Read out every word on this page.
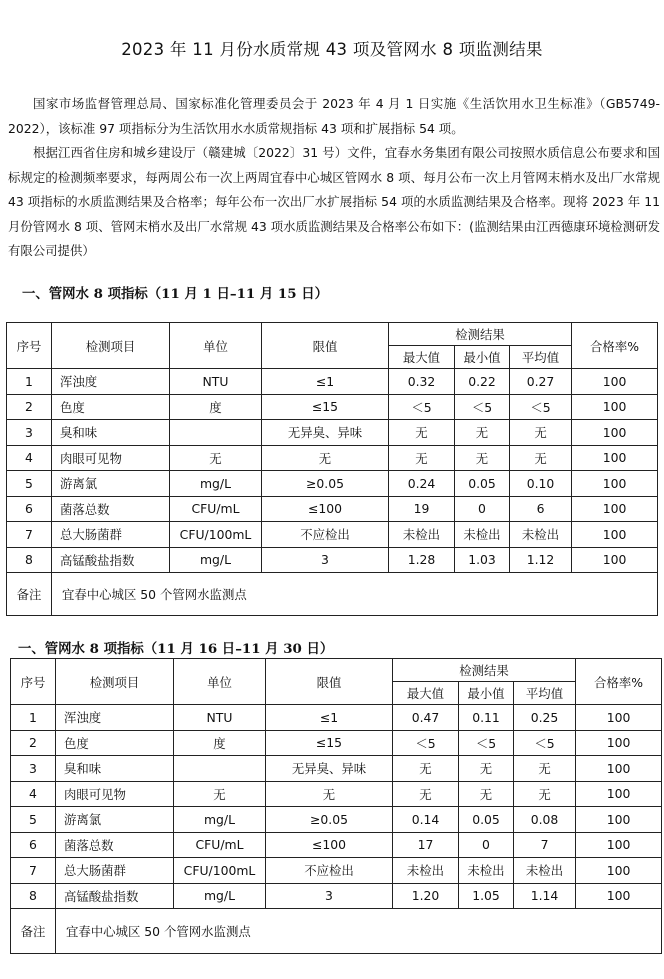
2023 年 11 月份水质常规 43 项及管网水 8 项监测结果

国家市场监督管理总局、国家标准化管理委员会于 2023 年 4 月 1 日实施《生活饮用水卫生标准》（GB5749-2022），该标准 97 项指标分为生活饮用水水质常规指标 43 项和扩展指标 54 项。

根据江西省住房和城乡建设厅（赣建城〔2022〕31 号）文件，宜春水务集团有限公司按照水质信息公布要求和国标规定的检测频率要求，每两周公布一次上两周宜春中心城区管网水 8 项、每月公布一次上月管网末梢水及出厂水常规 43 项指标的水质监测结果及合格率；每年公布一次出厂水扩展指标 54 项的水质监测结果及合格率。现将 2023 年 11 月份管网水 8 项、管网末梢水及出厂水常规 43 项水质监测结果及合格率公布如下：(监测结果由江西德康环境检测研发有限公司提供）

一、管网水 8 项指标（11 月 1 日–11 月 15 日）
序号	检测项目	单位	限值	检测结果			合格率%
				最大值	最小值	平均值	
1	浑浊度	NTU	≤1	0.32	0.22	0.27	100
2	色度	度	≤15	＜5	＜5	＜5	100
3	臭和味		无异臭、异味	无	无	无	100
4	肉眼可见物	无	无	无	无	无	100
5	游离氯	mg/L	≥0.05	0.24	0.05	0.10	100
6	菌落总数	CFU/mL	≤100	19	0	6	100
7	总大肠菌群	CFU/100mL	不应检出	未检出	未检出	未检出	100
8	高锰酸盐指数	mg/L	3	1.28	1.03	1.12	100
备注	宜春中心城区 50 个管网水监测点						
一、管网水 8 项指标（11 月 16 日–11 月 30 日）
序号	检测项目	单位	限值	检测结果			合格率%
				最大值	最小值	平均值	
1	浑浊度	NTU	≤1	0.47	0.11	0.25	100
2	色度	度	≤15	＜5	＜5	＜5	100
3	臭和味		无异臭、异味	无	无	无	100
4	肉眼可见物	无	无	无	无	无	100
5	游离氯	mg/L	≥0.05	0.14	0.05	0.08	100
6	菌落总数	CFU/mL	≤100	17	0	7	100
7	总大肠菌群	CFU/100mL	不应检出	未检出	未检出	未检出	100
8	高锰酸盐指数	mg/L	3	1.20	1.05	1.14	100
备注	宜春中心城区 50 个管网水监测点						
